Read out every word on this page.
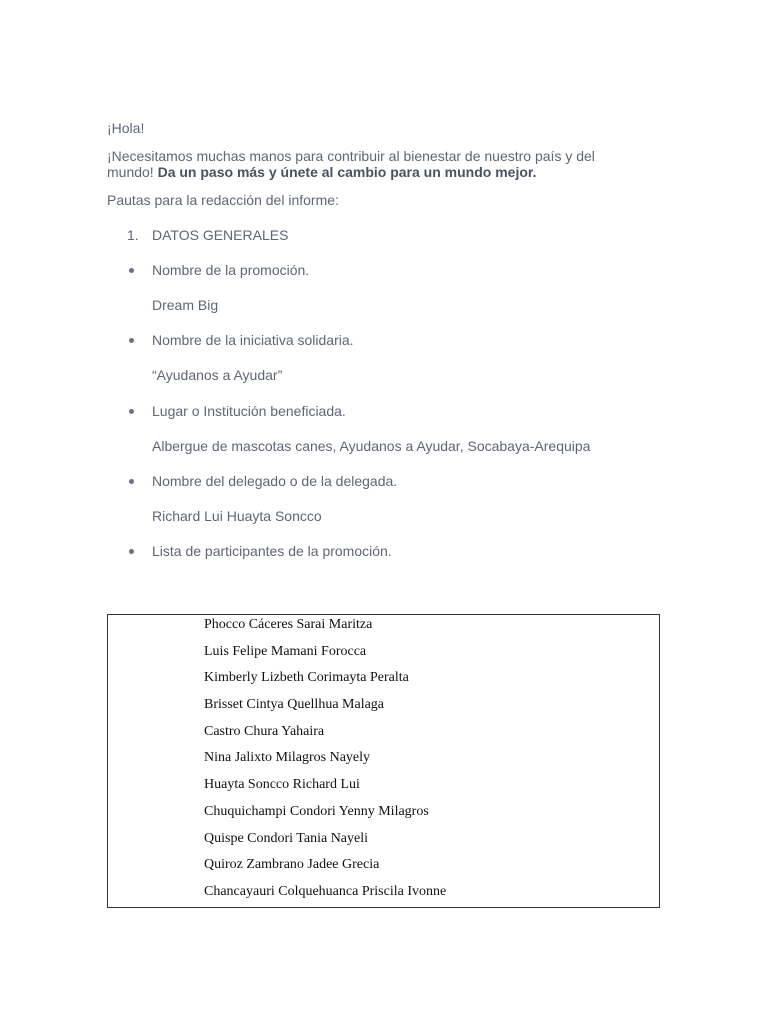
¡Hola!

¡Necesitamos muchas manos para contribuir al bienestar de nuestro país y del mundo! Da un paso más y únete al cambio para un mundo mejor.

Pautas para la redacción del informe:

1. DATOS GENERALES
Nombre de la promoción.
Dream Big
Nombre de la iniciativa solidaria.
“Ayudanos a Ayudar”
Lugar o Institución beneficiada.
Albergue de mascotas canes, Ayudanos a Ayudar, Socabaya-Arequipa
Nombre del delegado o de la delegada.
Richard Lui Huayta Soncco
Lista de participantes de la promoción.
Phocco Cáceres Sarai Maritza
Luis Felipe Mamani Forocca
Kimberly Lizbeth Corimayta Peralta
Brisset Cintya Quellhua Malaga
Castro Chura Yahaira
Nina Jalixto Milagros Nayely
Huayta Soncco Richard Lui
Chuquichampi Condori Yenny Milagros
Quispe Condori Tania Nayeli
Quiroz Zambrano Jadee Grecia
Chancayauri Colquehuanca Priscila Ivonne
